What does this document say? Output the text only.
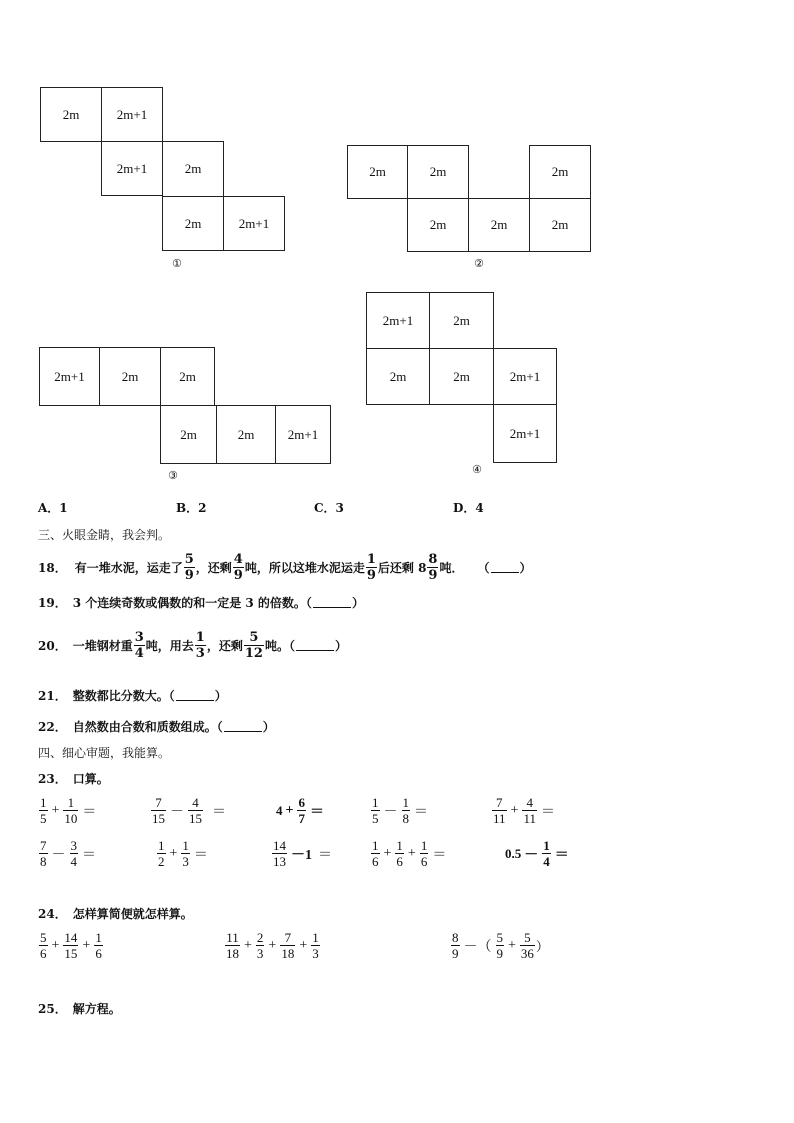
2m	2m+1
2m+1	2m
2m	2m+1
①
2m	2m	2m
2m	2m	2m
②
2m+1	2m	2m
2m	2m	2m+1
③
2m+1	2m
2m	2m	2m+1
2m+1
④
A．1	B．2	C．3	D．4
三、火眼金睛，我会判。
18． 有一堆水泥，运走了 $\frac{5}{9}$ ，还剩 $\frac{4}{9}$ 吨，所以这堆水泥运走 $\frac{1}{9}$ 后还剩 $8 \frac{8}{9}$ 吨． （	）
19． 3 个连续奇数或偶数的和一定是 3 的倍数。（	）
20． 一堆钢材重 $\frac{3}{4}$ 吨，用去 $\frac{1}{3}$ ，还剩 $\frac{5}{12}$ 吨。（	）
21． 整数都比分数大。（	）
22． 自然数由合数和质数组成。（	）
四、细心审题，我能算。
23． 口算。
$\frac{1}{5} + \frac{1}{10}$ ＝	$\frac{7}{15} - \frac{4}{15}$ ＝	$4 + \frac{6}{7}$ ＝	$\frac{1}{5} - \frac{1}{8}$ ＝	$\frac{7}{11} + \frac{4}{11}$ ＝
$\frac{7}{8} - \frac{3}{4}$ ＝	$\frac{1}{2} + \frac{1}{3}$ ＝	$\frac{14}{13} -1$ ＝	$\frac{1}{6} + \frac{1}{6} + \frac{1}{6}$ ＝	$0.5 - \frac{1}{4}$ ＝
24． 怎样算简便就怎样算。
$\frac{5}{6} + \frac{14}{15} + \frac{1}{6}$	$\frac{11}{18} + \frac{2}{3} + \frac{7}{18} + \frac{1}{3}$	$\frac{8}{9}$ －（ $\frac{5}{9} + \frac{5}{36}$ ）
25． 解方程。
